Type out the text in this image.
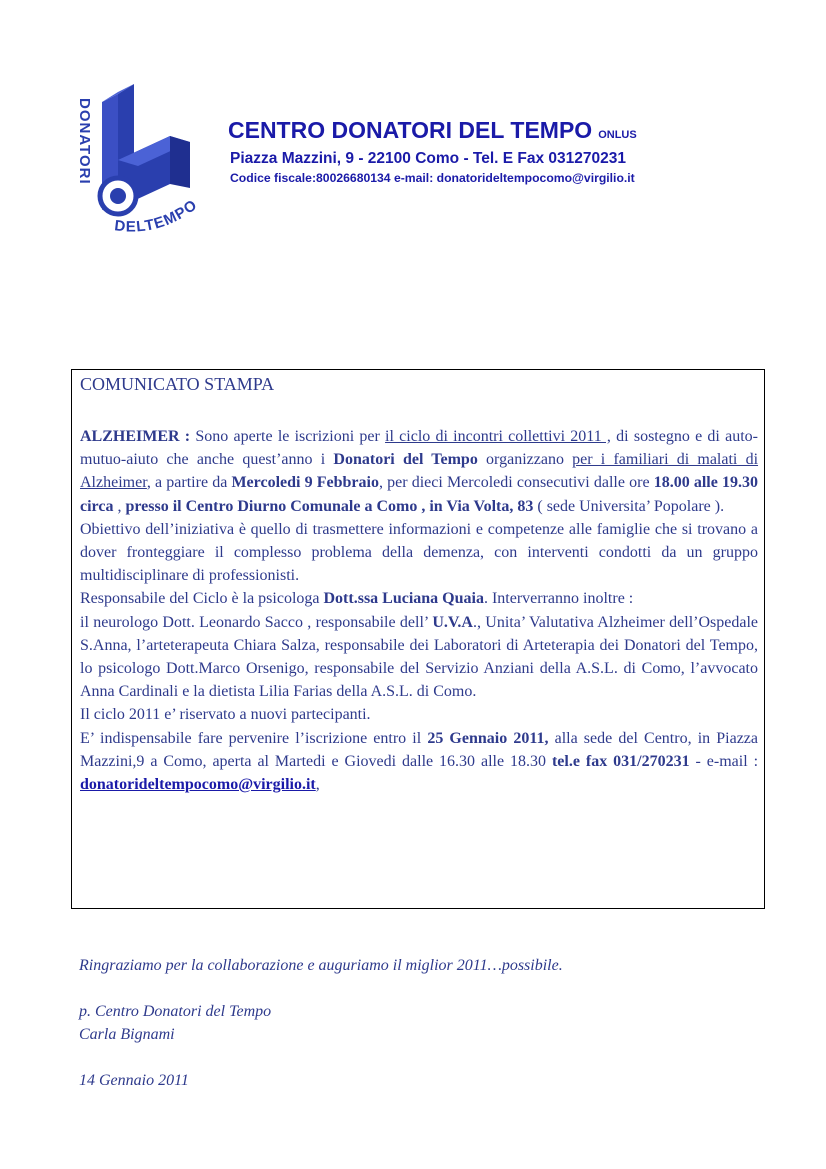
DONATORI
DELTEMPO
CENTRO DONATORI DEL TEMPO ONLUS
Piazza Mazzini, 9 - 22100 Como - Tel. E Fax 031270231
Codice fiscale:80026680134 e-mail: donatorideltempocomo@virgilio.it
COMUNICATO STAMPA

ALZHEIMER : Sono aperte le iscrizioni per il ciclo di incontri collettivi 2011 , di sostegno e di auto-mutuo-aiuto che anche quest’anno i Donatori del Tempo organizzano per i familiari di malati di Alzheimer, a partire da Mercoledi 9 Febbraio, per dieci Mercoledi consecutivi dalle ore 18.00 alle 19.30 circa , presso il Centro Diurno Comunale a Como , in Via Volta, 83 ( sede Universita’ Popolare ).

Obiettivo dell’iniziativa è quello di trasmettere informazioni e competenze alle famiglie che si trovano a dover fronteggiare il complesso problema della demenza, con interventi condotti da un gruppo multidisciplinare di professionisti.

Responsabile del Ciclo è la psicologa Dott.ssa Luciana Quaia. Interverranno inoltre :

il neurologo Dott. Leonardo Sacco , responsabile dell’ U.V.A., Unita’ Valutativa Alzheimer dell’Ospedale S.Anna, l’arteterapeuta Chiara Salza, responsabile dei Laboratori di Arteterapia dei Donatori del Tempo, lo psicologo Dott.Marco Orsenigo, responsabile del Servizio Anziani della A.S.L. di Como, l’avvocato Anna Cardinali e la dietista Lilia Farias della A.S.L. di Como.

Il ciclo 2011 e’ riservato a nuovi partecipanti.

E’ indispensabile fare pervenire l’iscrizione entro il 25 Gennaio 2011, alla sede del Centro, in Piazza Mazzini,9 a Como, aperta al Martedi e Giovedi dalle 16.30 alle 18.30 tel.e fax 031/270231 - e-mail : donatorideltempocomo@virgilio.it,

Ringraziamo per la collaborazione e auguriamo il miglior 2011…possibile.
p. Centro Donatori del Tempo
Carla Bignami
14 Gennaio 2011
